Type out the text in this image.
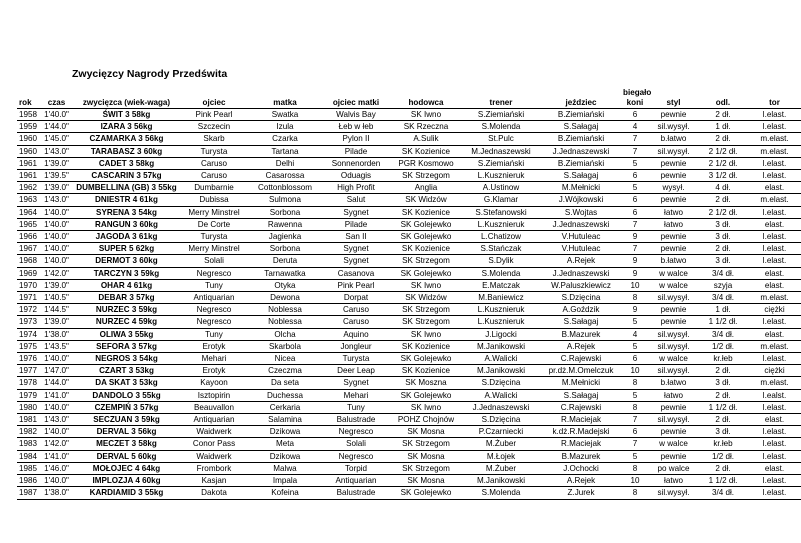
Zwycięzcy Nagrody Przedświta
rok	czas	zwycięzca (wiek-waga)	ojciec	matka	ojciec matki	hodowca	trener	jeździec	biegało koni	styl	odl.	tor
1958	1'40.0"	ŚWIT 3 58kg	Pink Pearl	Swatka	Walvis Bay	SK Iwno	S.Ziemiański	B.Ziemiański	6	pewnie	2 dł.	l.elast.
1959	1'44.0"	IZARA 3 56kg	Szczecin	Izula	Łeb w łeb	SK Rzeczna	S.Molenda	S.Sałagaj	4	sil.wysył.	1 dł.	l.elast.
1960	1'45.0"	CZAMARKA 3 56kg	Skarb	Czarka	Pylon II	A.Sulik	St.Pulc	B.Ziemiański	7	b.łatwo	2 dł.	m.elast.
1960	1'43.0"	TARABASZ 3 60kg	Turysta	Tartana	Pilade	SK Kozienice	M.Jednaszewski	J.Jednaszewski	7	sil.wysył.	2 1/2 dł.	m.elast.
1961	1'39.0"	CADET 3 58kg	Caruso	Delhi	Sonnenorden	PGR Kosmowo	S.Ziemiański	B.Ziemiański	5	pewnie	2 1/2 dł.	l.elast.
1961	1'39.5"	CASCARIN 3 57kg	Caruso	Casarossa	Oduagis	SK Strzegom	L.Kusznieruk	S.Sałagaj	6	pewnie	3 1/2 dł.	l.elast.
1962	1'39.0"	DUMBELLINA (GB) 3 55kg	Dumbarnie	Cottonblossom	High Profit	Anglia	A.Ustinow	M.Mełnicki	5	wysył.	4 dł.	elast.
1963	1'43.0"	DNIESTR 4 61kg	Dubissa	Sulmona	Salut	SK Widzów	G.Klamar	J.Wójkowski	6	pewnie	2 dł.	m.elast.
1964	1'40.0"	SYRENA 3 54kg	Merry Minstrel	Sorbona	Sygnet	SK Kozienice	S.Stefanowski	S.Wojtas	6	łatwo	2 1/2 dł.	l.elast.
1965	1'40.0"	RANGUN 3 60kg	De Corte	Rawenna	Pilade	SK Golejewko	L.Kusznieruk	J.Jednaszewski	7	łatwo	3 dł.	elast.
1966	1'40.0"	JAGODA 3 61kg	Turysta	Jagienka	San II	SK Golejewko	L.Chatizow	V.Hutuleac	9	pewnie	3 dł.	l.elast.
1967	1'40.0"	SUPER 5 62kg	Merry Minstrel	Sorbona	Sygnet	SK Kozienice	S.Stańczak	V.Hutuleac	7	pewnie	2 dł.	l.elast.
1968	1'40.0"	DERMOT 3 60kg	Solali	Deruta	Sygnet	SK Strzegom	S.Dylik	A.Rejek	9	b.łatwo	3 dł.	l.elast.
1969	1'42.0"	TARCZYN 3 59kg	Negresco	Tarnawatka	Casanova	SK Golejewko	S.Molenda	J.Jednaszewski	9	w walce	3/4 dł.	elast.
1970	1'39.0"	OHAR 4 61kg	Tuny	Otyka	Pink Pearl	SK Iwno	E.Matczak	W.Paluszkiewicz	10	w walce	szyja	elast.
1971	1'40.5"	DEBAR 3 57kg	Antiquarian	Dewona	Dorpat	SK Widzów	M.Baniewicz	S.Dzięcina	8	sil.wysył.	3/4 dł.	m.elast.
1972	1'44.5"	NURZEC 3 59kg	Negresco	Noblessa	Caruso	SK Strzegom	L.Kusznieruk	A.Goździk	9	pewnie	1 dł.	ciężki
1973	1'39.0"	NURZEC 4 59kg	Negresco	Noblessa	Caruso	SK Strzegom	L.Kusznieruk	S.Sałagaj	5	pewnie	1 1/2 dł.	l.elast.
1974	1'38.0"	OLIWA 3 55kg	Tuny	Olcha	Aquino	SK Iwno	J.Ligocki	B.Mazurek	4	sil.wysył.	3/4 dł.	elast.
1975	1'43.5"	SEFORA 3 57kg	Erotyk	Skarbola	Jongleur	SK Kozienice	M.Janikowski	A.Rejek	5	sil.wysył.	1/2 dł.	m.elast.
1976	1'40.0"	NEGROS 3 54kg	Mehari	Nicea	Turysta	SK Golejewko	A.Walicki	C.Rajewski	6	w walce	kr.łeb	l.elast.
1977	1'47.0"	CZART 3 53kg	Erotyk	Czeczma	Deer Leap	SK Kozienice	M.Janikowski	pr.dż.M.Omelczuk	10	sil.wysył.	2 dł.	ciężki
1978	1'44.0"	DA SKAT 3 53kg	Kayoon	Da seta	Sygnet	SK Moszna	S.Dzięcina	M.Mełnicki	8	b.łatwo	3 dł.	m.elast.
1979	1'41.0"	DANDOLO 3 55kg	Isztopirin	Duchessa	Mehari	SK Golejewko	A.Walicki	S.Sałagaj	5	łatwo	2 dł.	l.ealst.
1980	1'40.0"	CZEMPIŃ 3 57kg	Beauvallon	Cerkaria	Tuny	SK Iwno	J.Jednaszewski	C.Rajewski	8	pewnie	1 1/2 dł.	l.elast.
1981	1'43.0"	SECZUAN 3 59kg	Antiquarian	Salamina	Balustrade	POHZ Chojnów	S.Dzięcina	R.Maciejak	7	sil.wysył.	2 dł.	elast.
1982	1'40.0"	DERVAL 3 56kg	Waidwerk	Dzikowa	Negresco	SK Mosna	P.Czarniecki	k.dż.R.Madejski	6	pewnie	3 dł.	l.elast.
1983	1'42.0"	MECZET 3 58kg	Conor Pass	Meta	Solali	SK Strzegom	M.Żuber	R.Maciejak	7	w walce	kr.łeb	l.elast.
1984	1'41.0"	DERVAL 5 60kg	Waidwerk	Dzikowa	Negresco	SK Mosna	M.Łojek	B.Mazurek	5	pewnie	1/2 dł.	l.elast.
1985	1'46.0"	MOŁOJEC 4 64kg	Frombork	Malwa	Torpid	SK Strzegom	M.Żuber	J.Ochocki	8	po walce	2 dł.	elast.
1986	1'40.0"	IMPLOZJA 4 60kg	Kasjan	Impala	Antiquarian	SK Mosna	M.Janikowski	A.Rejek	10	łatwo	1 1/2 dł.	l.elast.
1987	1'38.0"	KARDIAMID 3 55kg	Dakota	Kofeina	Balustrade	SK Golejewko	S.Molenda	Z.Jurek	8	sil.wysył.	3/4 dł.	l.elast.
